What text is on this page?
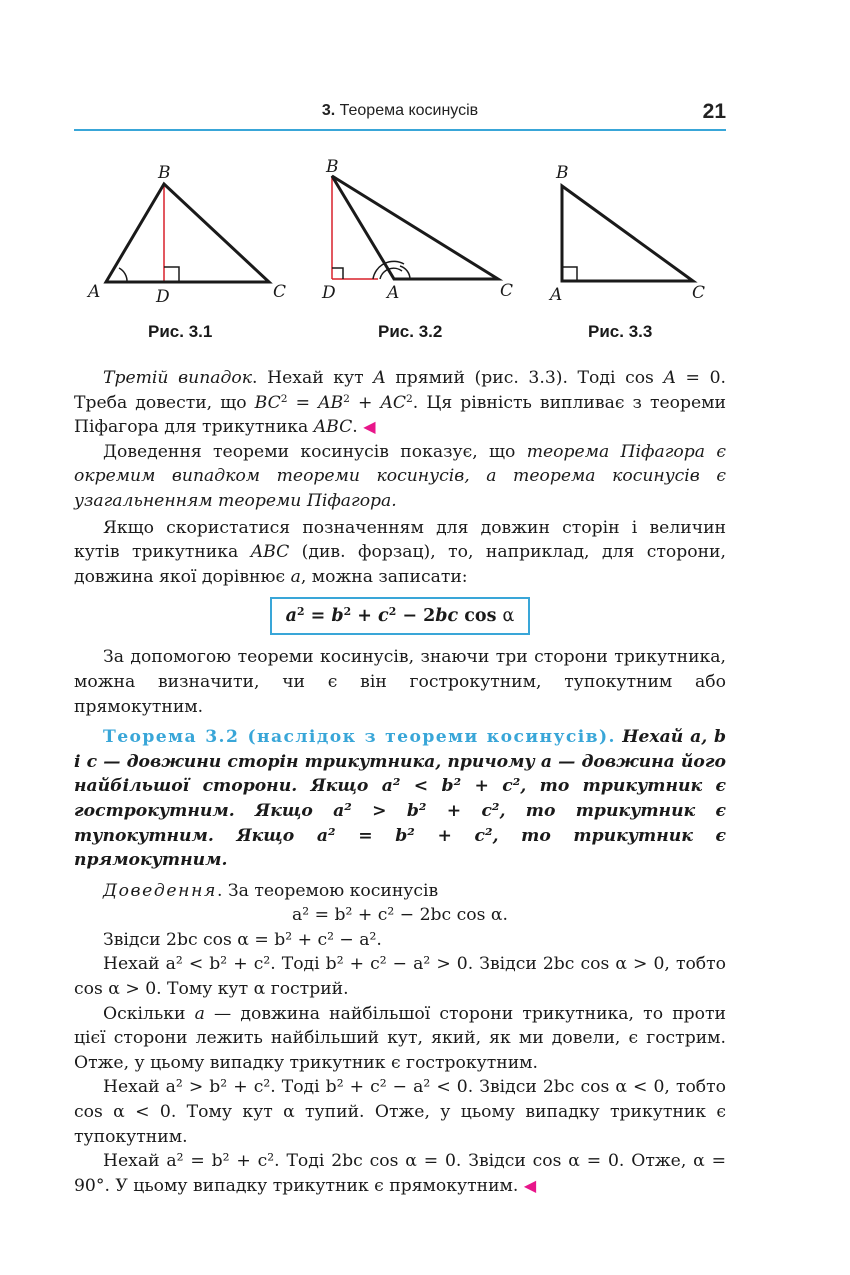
3. Теорема косинусів	21
B
A	D	C
Рис. 3.1
B
D	A	C
Рис. 3.2
B
A	C
Рис. 3.3

Третій випадок. Нехай кут A прямий (рис. 3.3). Тоді cos A = 0. Треба довести, що $BC^2 = AB^2 + AC^2$. Ця рівність випливає з теореми Піфагора для трикутника ABC. ◀

Доведення теореми косинусів показує, що теорема Піфагора є окремим випадком теореми косинусів, а теорема косинусів є узагальненням теореми Піфагора.

Якщо скористатися позначенням для довжин сторін і величин кутів трикутника ABC (див. форзац), то, наприклад, для сторони, довжина якої дорівнює a, можна записати:

$a^2 = b^2 + c^2 - 2bc$ cos α

За допомогою теореми косинусів, знаючи три сторони трикутника, можна визначити, чи є він гострокутним, тупокутним або прямокутним.

Теорема 3.2 (наслідок з теореми косинусів). Нехай a, b і c — довжини сторін трикутника, причому a — довжина його найбільшої сторони. Якщо a² < b² + c², то трикутник є гострокутним. Якщо a² > b² + c², то трикутник є тупокутним. Якщо a² = b² + c², то трикутник є прямокутним.

Доведення. За теоремою косинусів

a² = b² + c² − 2bc cos α.

Звідси 2bc cos α = b² + c² − a².

Нехай a² < b² + c². Тоді b² + c² − a² > 0. Звідси 2bc cos α > 0, тобто cos α > 0. Тому кут α гострий.

Оскільки a — довжина найбільшої сторони трикутника, то проти цієї сторони лежить найбільший кут, який, як ми довели, є гострим. Отже, у цьому випадку трикутник є гострокутним.

Нехай a² > b² + c². Тоді b² + c² − a² < 0. Звідси 2bc cos α < 0, тобто cos α < 0. Тому кут α тупий. Отже, у цьому випадку трикутник є тупокутним.

Нехай a² = b² + c². Тоді 2bc cos α = 0. Звідси cos α = 0. Отже, α = 90°. У цьому випадку трикутник є прямокутним. ◀
